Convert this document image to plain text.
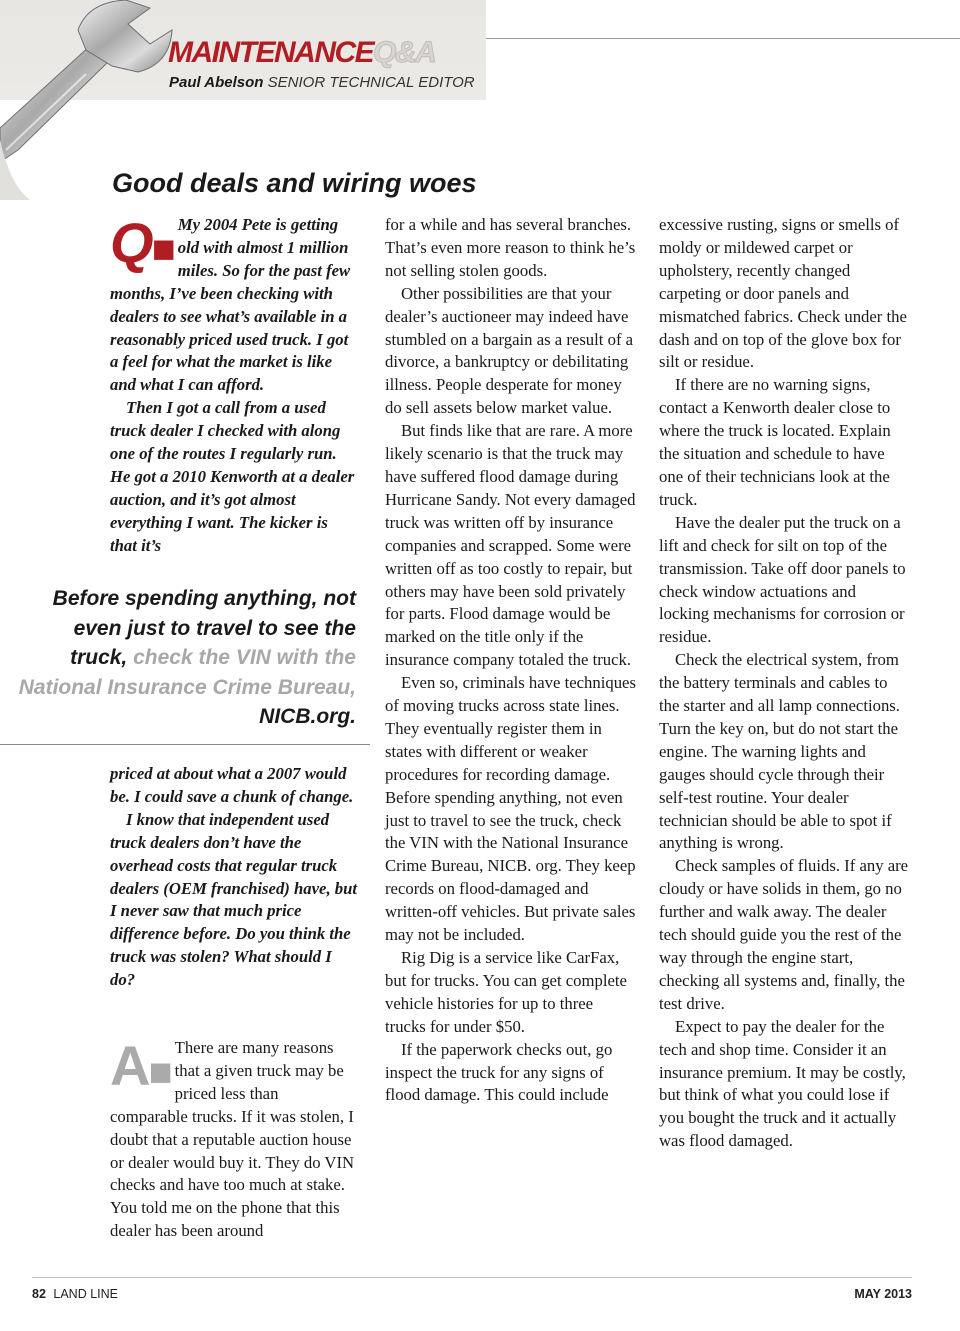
MAINTENANCEQ&A
Paul Abelson SENIOR TECHNICAL EDITOR
Good deals and wiring woes
Q■

My 2004 Pete is getting old with almost 1 million miles. So for the past few months, I’ve been checking with dealers to see what’s available in a reasonably priced used truck. I got a feel for what the market is like and what I can afford.

Then I got a call from a used truck dealer I checked with along one of the routes I regularly run. He got a 2010 Kenworth at a dealer auction, and it’s got almost everything I want. The kicker is that it’s

Before spending anything, not even just to travel to see the truck, check the VIN with the National Insurance Crime Bureau, NICB.org.

priced at about what a 2007 would be. I could save a chunk of change.

I know that independent used truck dealers don’t have the overhead costs that regular truck dealers (OEM franchised) have, but I never saw that much price difference before. Do you think the truck was stolen? What should I do?

A■

There are many reasons that a given truck may be priced less than comparable trucks. If it was stolen, I doubt that a reputable auction house or dealer would buy it. They do VIN checks and have too much at stake. You told me on the phone that this dealer has been around

for a while and has several branches. That’s even more reason to think he’s not selling stolen goods.

Other possibilities are that your dealer’s auctioneer may indeed have stumbled on a bargain as a result of a divorce, a bankruptcy or debilitating illness. People desperate for money do sell assets below market value.

But finds like that are rare. A more likely scenario is that the truck may have suffered flood damage during Hurricane Sandy. Not every damaged truck was written off by insurance companies and scrapped. Some were written off as too costly to repair, but others may have been sold privately for parts. Flood damage would be marked on the title only if the insurance company totaled the truck.

Even so, criminals have techniques of moving trucks across state lines. They eventually register them in states with different or weaker procedures for recording damage. Before spending anything, not even just to travel to see the truck, check the VIN with the National Insurance Crime Bureau, NICB. org. They keep records on flood-damaged and written-off vehicles. But private sales may not be included.

Rig Dig is a service like CarFax, but for trucks. You can get complete vehicle histories for up to three trucks for under $50.

If the paperwork checks out, go inspect the truck for any signs of flood damage. This could include

excessive rusting, signs or smells of moldy or mildewed carpet or upholstery, recently changed carpeting or door panels and mismatched fabrics. Check under the dash and on top of the glove box for silt or residue.

If there are no warning signs, contact a Kenworth dealer close to where the truck is located. Explain the situation and schedule to have one of their technicians look at the truck.

Have the dealer put the truck on a lift and check for silt on top of the transmission. Take off door panels to check window actuations and locking mechanisms for corrosion or residue.

Check the electrical system, from the battery terminals and cables to the starter and all lamp connections. Turn the key on, but do not start the engine. The warning lights and gauges should cycle through their self-test routine. Your dealer technician should be able to spot if anything is wrong.

Check samples of fluids. If any are cloudy or have solids in them, go no further and walk away. The dealer tech should guide you the rest of the way through the engine start, checking all systems and, finally, the test drive.

Expect to pay the dealer for the tech and shop time. Consider it an insurance premium. It may be costly, but think of what you could lose if you bought the truck and it actually was flood damaged.

82 LAND LINE	MAY 2013
